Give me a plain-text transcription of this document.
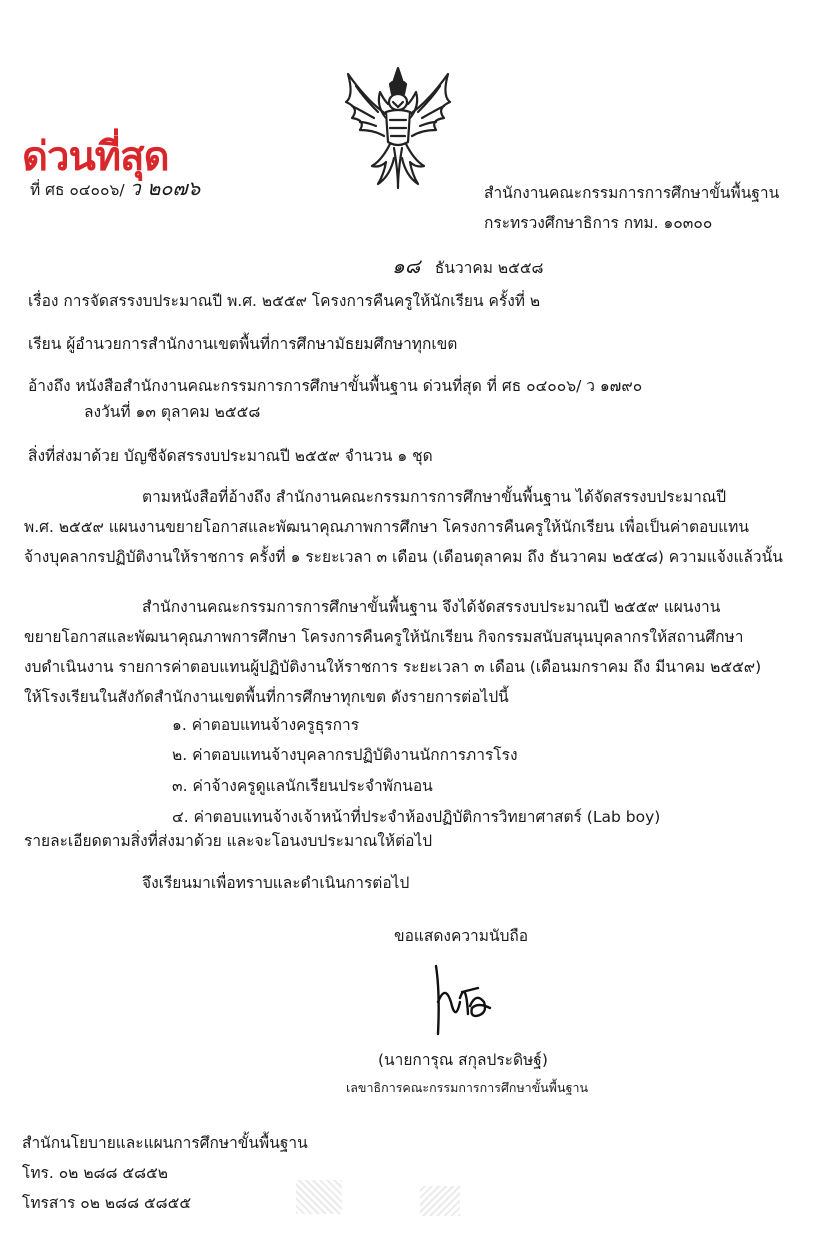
ด่วนที่สุด
ที่ ศธ ๐๔๐๐๖/ ว ๒๐๗๖	สำนักงานคณะกรรมการการศึกษาขั้นพื้นฐาน
กระทรวงศึกษาธิการ กทม. ๑๐๓๐๐
๑๘ ธันวาคม ๒๕๕๘
เรื่อง การจัดสรรงบประมาณปี พ.ศ. ๒๕๕๙ โครงการคืนครูให้นักเรียน ครั้งที่ ๒
เรียน ผู้อำนวยการสำนักงานเขตพื้นที่การศึกษามัธยมศึกษาทุกเขต
อ้างถึง หนังสือสำนักงานคณะกรรมการการศึกษาขั้นพื้นฐาน ด่วนที่สุด ที่ ศธ ๐๔๐๐๖/ ว ๑๗๙๐
ลงวันที่ ๑๓ ตุลาคม ๒๕๕๘
สิ่งที่ส่งมาด้วย บัญชีจัดสรรงบประมาณปี ๒๕๕๙ จำนวน ๑ ชุด

ตามหนังสือที่อ้างถึง สำนักงานคณะกรรมการการศึกษาขั้นพื้นฐาน ได้จัดสรรงบประมาณปี

พ.ศ. ๒๕๕๙ แผนงานขยายโอกาสและพัฒนาคุณภาพการศึกษา โครงการคืนครูให้นักเรียน เพื่อเป็นค่าตอบแทน

จ้างบุคลากรปฏิบัติงานให้ราชการ ครั้งที่ ๑ ระยะเวลา ๓ เดือน (เดือนตุลาคม ถึง ธันวาคม ๒๕๕๘) ความแจ้งแล้วนั้น

สำนักงานคณะกรรมการการศึกษาขั้นพื้นฐาน จึงได้จัดสรรงบประมาณปี ๒๕๕๙ แผนงาน

ขยายโอกาสและพัฒนาคุณภาพการศึกษา โครงการคืนครูให้นักเรียน กิจกรรมสนับสนุนบุคลากรให้สถานศึกษา

งบดำเนินงาน รายการค่าตอบแทนผู้ปฏิบัติงานให้ราชการ ระยะเวลา ๓ เดือน (เดือนมกราคม ถึง มีนาคม ๒๕๕๙)

ให้โรงเรียนในสังกัดสำนักงานเขตพื้นที่การศึกษาทุกเขต ดังรายการต่อไปนี้

๑. ค่าตอบแทนจ้างครูธุรการ
๒. ค่าตอบแทนจ้างบุคลากรปฏิบัติงานนักการภารโรง
๓. ค่าจ้างครูดูแลนักเรียนประจำพักนอน
๔. ค่าตอบแทนจ้างเจ้าหน้าที่ประจำห้องปฏิบัติการวิทยาศาสตร์ (Lab boy)
รายละเอียดตามสิ่งที่ส่งมาด้วย และจะโอนงบประมาณให้ต่อไป
จึงเรียนมาเพื่อทราบและดำเนินการต่อไป
ขอแสดงความนับถือ
(นายการุณ สกุลประดิษฐ์)
เลขาธิการคณะกรรมการการศึกษาขั้นพื้นฐาน
สำนักนโยบายและแผนการศึกษาขั้นพื้นฐาน
โทร. ๐๒ ๒๘๘ ๕๘๕๒
โทรสาร ๐๒ ๒๘๘ ๕๘๕๕
